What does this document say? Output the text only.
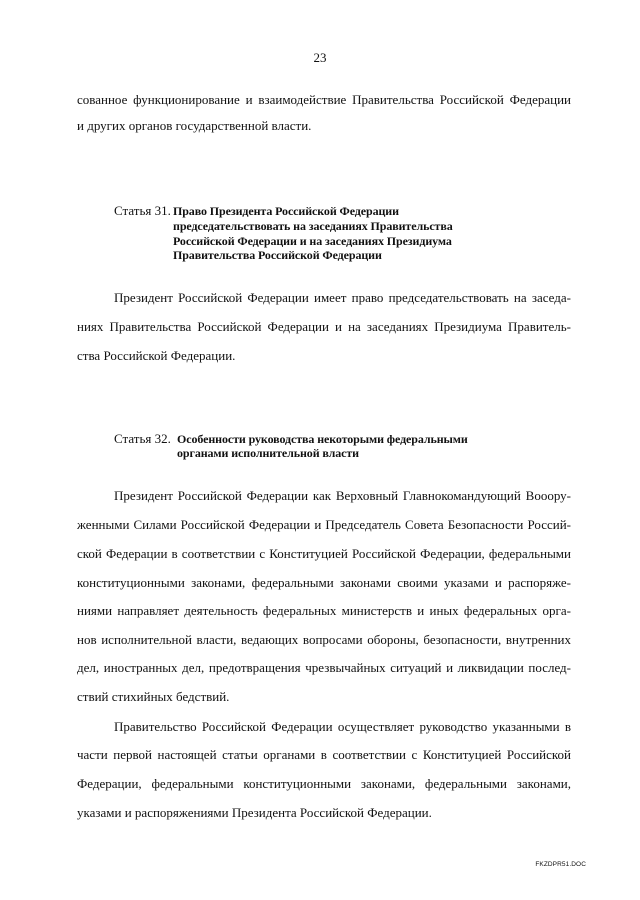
23
сованное функционирование и взаимодействие Правительства Российской Федерации
и других органов государственной власти.
Статья 31. Право Президента Российской Федерации
председательствовать на заседаниях Правительства
Российской Федерации и на заседаниях Президиума
Правительства Российской Федерации
Президент Российской Федерации имеет право председательствовать на заседа-
ниях Правительства Российской Федерации и на заседаниях Президиума Правитель-
ства Российской Федерации.
Статья 32. Особенности руководства некоторыми федеральными
органами исполнительной власти
Президент Российской Федерации как Верховный Главнокомандующий Вооору-
женными Силами Российской Федерации и Председатель Совета Безопасности Россий-
ской Федерации в соответствии с Конституцией Российской Федерации, федеральными
конституционными законами, федеральными законами своими указами и распоряже-
ниями направляет деятельность федеральных министерств и иных федеральных орга-
нов исполнительной власти, ведающих вопросами обороны, безопасности, внутренних
дел, иностранных дел, предотвращения чрезвычайных ситуаций и ликвидации послед-
ствий стихийных бедствий.
Правительство Российской Федерации осуществляет руководство указанными в
части первой настоящей статьи органами в соответствии с Конституцией Российской
Федерации, федеральными конституционными законами, федеральными законами,
указами и распоряжениями Президента Российской Федерации.
FKZDPR51.DOC
